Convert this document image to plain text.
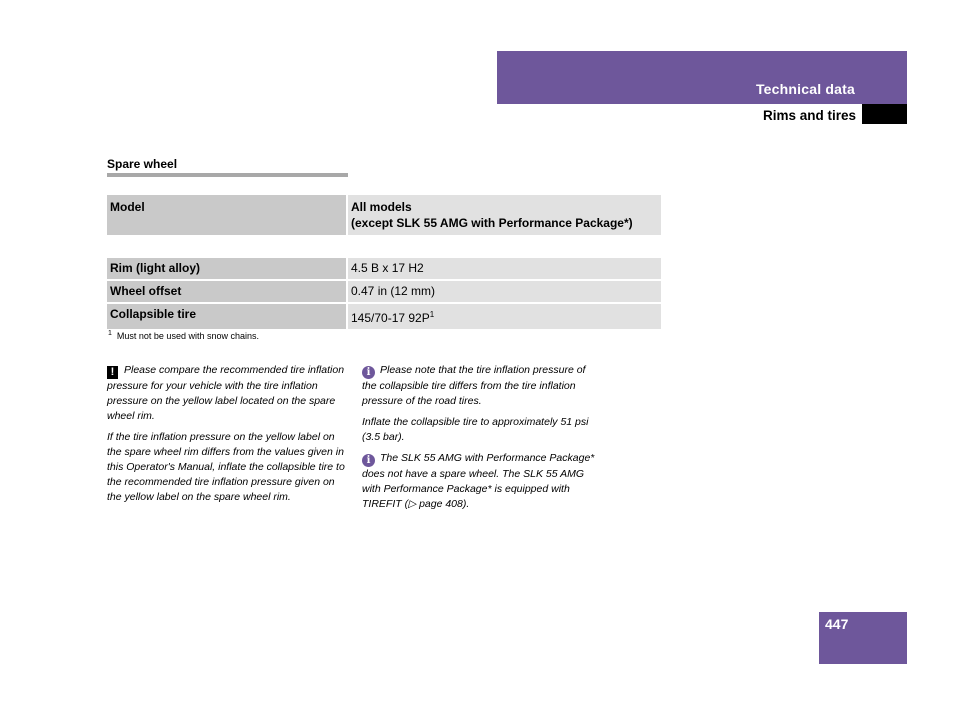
Technical data
Rims and tires
Spare wheel
Model	All models
(except SLK 55 AMG with Performance Package*)
Rim (light alloy)	4.5 B x 17 H2
Wheel offset	0.47 in (12 mm)
Collapsible tire	145/70-17 $92P^1$
$^1$ Must not be used with snow chains.

! Please compare the recommended tire inflation pressure for your vehicle with the tire inflation pressure on the yellow label located on the spare wheel rim.

If the tire inflation pressure on the yellow label on the spare wheel rim differs from the values given in this Operator's Manual, inflate the collapsible tire to the recommended tire inflation pressure given on the yellow label on the spare wheel rim.

i Please note that the tire inflation pressure of the collapsible tire differs from the tire inflation pressure of the road tires.

Inflate the collapsible tire to approximately 51 psi (3.5 bar).

i The SLK 55 AMG with Performance Package* does not have a spare wheel. The SLK 55 AMG with Performance Package* is equipped with TIREFIT (▷ page 408).

447
